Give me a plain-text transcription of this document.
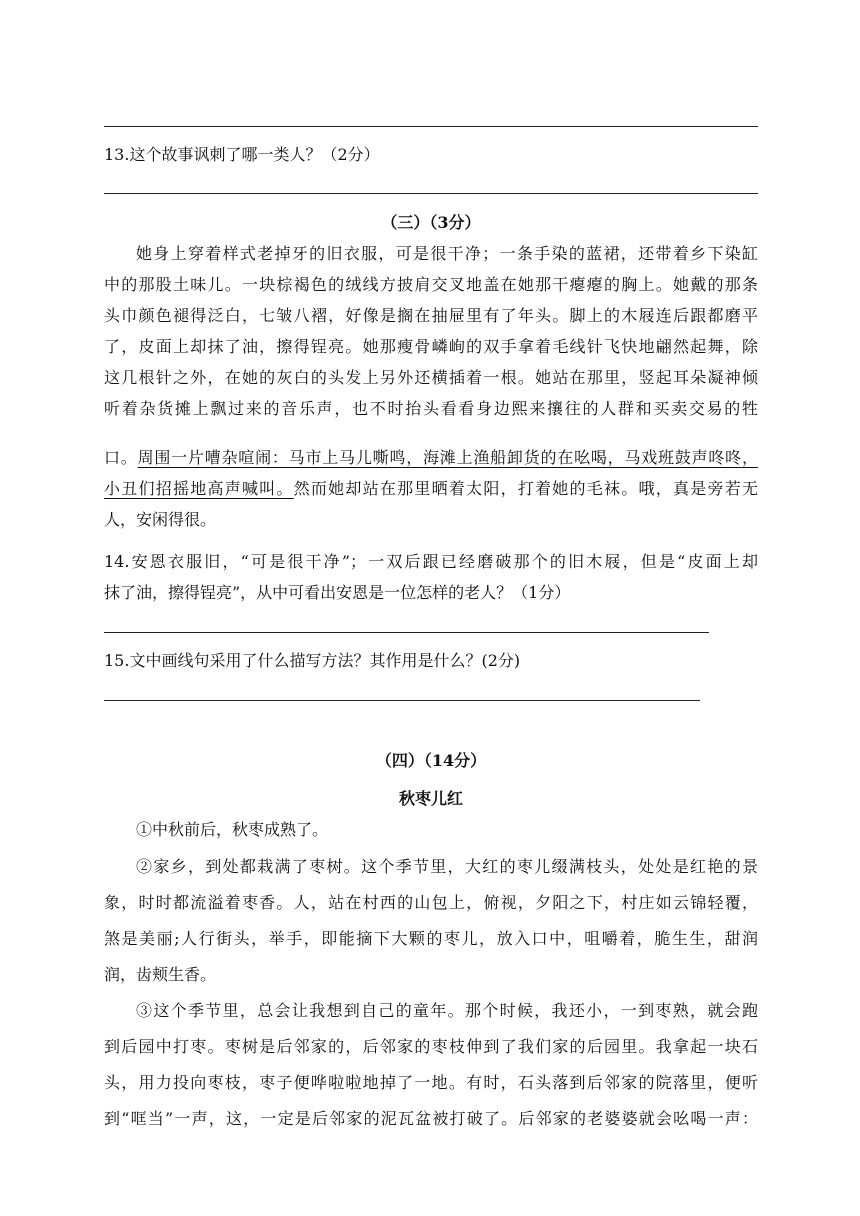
13.这个故事讽刺了哪一类人？（2分）
（三）（3分）
她身上穿着样式老掉牙的旧衣服，可是很干净；一条手染的蓝裙，还带着乡下染缸
中的那股土味儿。一块棕褐色的绒线方披肩交叉地盖在她那干瘪瘪的胸上。她戴的那条
头巾颜色褪得泛白，七皱八褶，好像是搁在抽屉里有了年头。脚上的木屐连后跟都磨平
了，皮面上却抹了油，擦得锃亮。她那瘦骨嶙峋的双手拿着毛线针飞快地翩然起舞，除
这几根针之外，在她的灰白的头发上另外还横插着一根。她站在那里，竖起耳朵凝神倾
听着杂货摊上飘过来的音乐声，也不时抬头看看身边熙来攘往的人群和买卖交易的牲
口。周围一片嘈杂喧闹：马市上马儿嘶鸣，海滩上渔船卸货的在吆喝，马戏班鼓声咚咚，
小丑们招摇地高声喊叫。然而她却站在那里晒着太阳，打着她的毛袜。哦，真是旁若无
人，安闲得很。
14.安恩衣服旧，“可是很干净”；一双后跟已经磨破那个的旧木屐，但是“皮面上却
抹了油，擦得锃亮”，从中可看出安恩是一位怎样的老人？（1分）
15.文中画线句采用了什么描写方法？其作用是什么？(2分)
（四）（14分）
秋枣儿红
①中秋前后，秋枣成熟了。
②家乡，到处都栽满了枣树。这个季节里，大红的枣儿缀满枝头，处处是红艳的景
象，时时都流溢着枣香。人，站在村西的山包上，俯视，夕阳之下，村庄如云锦轻覆，
煞是美丽;人行街头，举手，即能摘下大颗的枣儿，放入口中，咀嚼着，脆生生，甜润
润，齿颊生香。
③这个季节里，总会让我想到自己的童年。那个时候，我还小，一到枣熟，就会跑
到后园中打枣。枣树是后邻家的，后邻家的枣枝伸到了我们家的后园里。我拿起一块石
头，用力投向枣枝，枣子便哗啦啦地掉了一地。有时，石头落到后邻家的院落里，便听
到“哐当”一声，这，一定是后邻家的泥瓦盆被打破了。后邻家的老婆婆就会吆喝一声：
